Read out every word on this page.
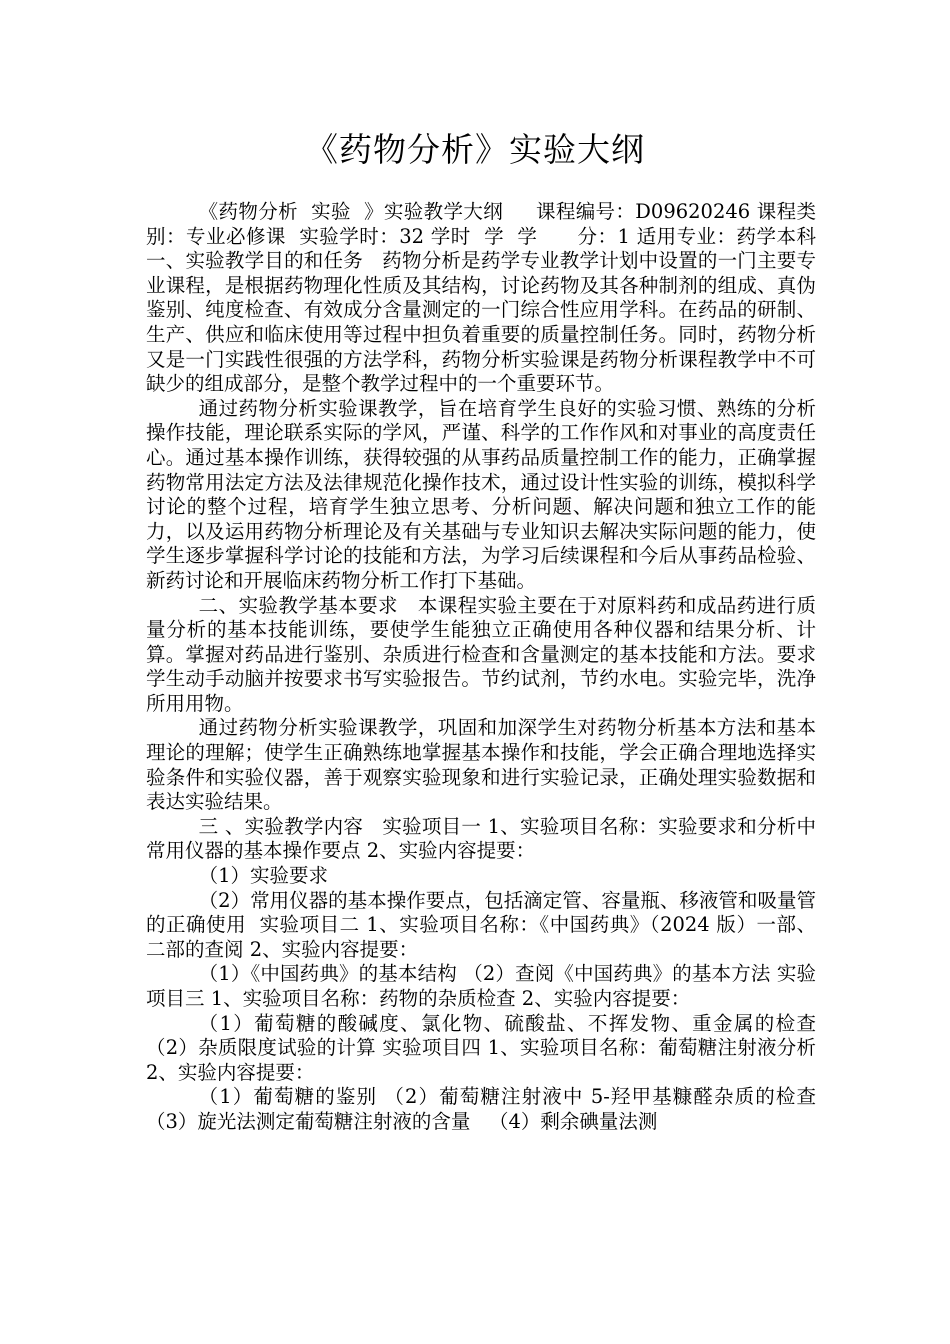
《药物分析》实验大纲

《药物分析  实验  》实验教学大纲     课程编号：D09620246 课程类别：专业必修课  实验学时：32 学时  学  学      分：1 适用专业：药学本科     一、实验教学目的和任务   药物分析是药学专业教学计划中设置的一门主要专业课程，是根据药物理化性质及其结构，讨论药物及其各种制剂的组成、真伪鉴别、纯度检查、有效成分含量测定的一门综合性应用学科。在药品的研制、生产、供应和临床使用等过程中担负着重要的质量控制任务。同时，药物分析又是一门实践性很强的方法学科，药物分析实验课是药物分析课程教学中不可缺少的组成部分，是整个教学过程中的一个重要环节。

通过药物分析实验课教学，旨在培育学生良好的实验习惯、熟练的分析操作技能，理论联系实际的学风，严谨、科学的工作作风和对事业的高度责任心。通过基本操作训练，获得较强的从事药品质量控制工作的能力，正确掌握药物常用法定方法及法律规范化操作技术，通过设计性实验的训练，模拟科学讨论的整个过程，培育学生独立思考、分析问题、解决问题和独立工作的能力，以及运用药物分析理论及有关基础与专业知识去解决实际问题的能力，使学生逐步掌握科学讨论的技能和方法，为学习后续课程和今后从事药品检验、新药讨论和开展临床药物分析工作打下基础。

二、实验教学基本要求   本课程实验主要在于对原料药和成品药进行质量分析的基本技能训练，要使学生能独立正确使用各种仪器和结果分析、计算。掌握对药品进行鉴别、杂质进行检查和含量测定的基本技能和方法。要求学生动手动脑并按要求书写实验报告。节约试剂，节约水电。实验完毕，洗净所用用物。

通过药物分析实验课教学，巩固和加深学生对药物分析基本方法和基本理论的理解；使学生正确熟练地掌握基本操作和技能，学会正确合理地选择实验条件和实验仪器，善于观察实验现象和进行实验记录，正确处理实验数据和表达实验结果。

三 、实验教学内容   实验项目一 1、实验项目名称：实验要求和分析中常用仪器的基本操作要点 2、实验内容提要：

（1）实验要求

（2）常用仪器的基本操作要点，包括滴定管、容量瓶、移液管和吸量管的正确使用  实验项目二 1、实验项目名称：《中国药典》（2024 版）一部、二部的查阅 2、实验内容提要：

（1）《中国药典》的基本结构 （2）查阅《中国药典》的基本方法 实验项目三 1、实验项目名称：药物的杂质检查 2、实验内容提要：

（1）葡萄糖的酸碱度、氯化物、硫酸盐、不挥发物、重金属的检查 （2）杂质限度试验的计算 实验项目四 1、实验项目名称：葡萄糖注射液分析 2、实验内容提要：

（1）葡萄糖的鉴别 （2）葡萄糖注射液中 5-羟甲基糠醛杂质的检查 （3）旋光法测定葡萄糖注射液的含量   （4）剩余碘量法测
